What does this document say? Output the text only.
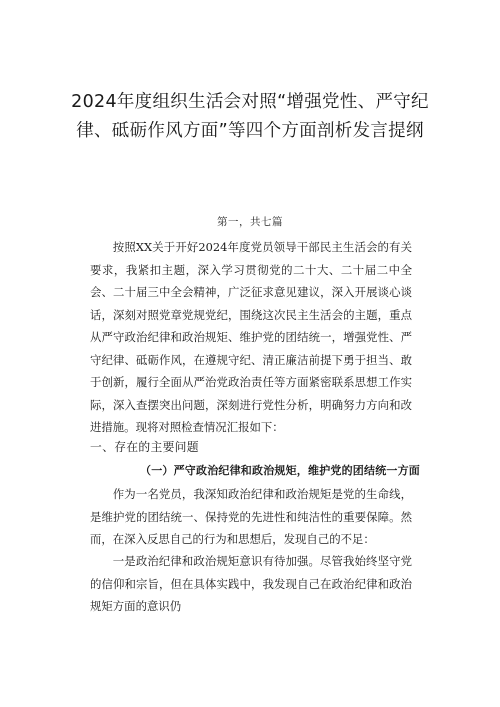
2024年度组织生活会对照“增强党性、严守纪律、砥砺作风方面”等四个方面剖析发言提纲
第一，共七篇

按照XX关于开好2024年度党员领导干部民主生活会的有关要求，我紧扣主题，深入学习贯彻党的二十大、二十届二中全会、二十届三中全会精神，广泛征求意见建议，深入开展谈心谈话，深刻对照党章党规党纪，围绕这次民主生活会的主题，重点从严守政治纪律和政治规矩、维护党的团结统一，增强党性、严守纪律、砥砺作风，在遵规守纪、清正廉洁前提下勇于担当、敢于创新，履行全面从严治党政治责任等方面紧密联系思想工作实际，深入查摆突出问题，深刻进行党性分析，明确努力方向和改进措施。现将对照检查情况汇报如下：

一、存在的主要问题
（一）严守政治纪律和政治规矩，维护党的团结统一方面

作为一名党员，我深知政治纪律和政治规矩是党的生命线，是维护党的团结统一、保持党的先进性和纯洁性的重要保障。然而，在深入反思自己的行为和思想后，发现自己的不足：

一是政治纪律和政治规矩意识有待加强。尽管我始终坚守党的信仰和宗旨，但在具体实践中，我发现自己在政治纪律和政治规矩方面的意识仍
